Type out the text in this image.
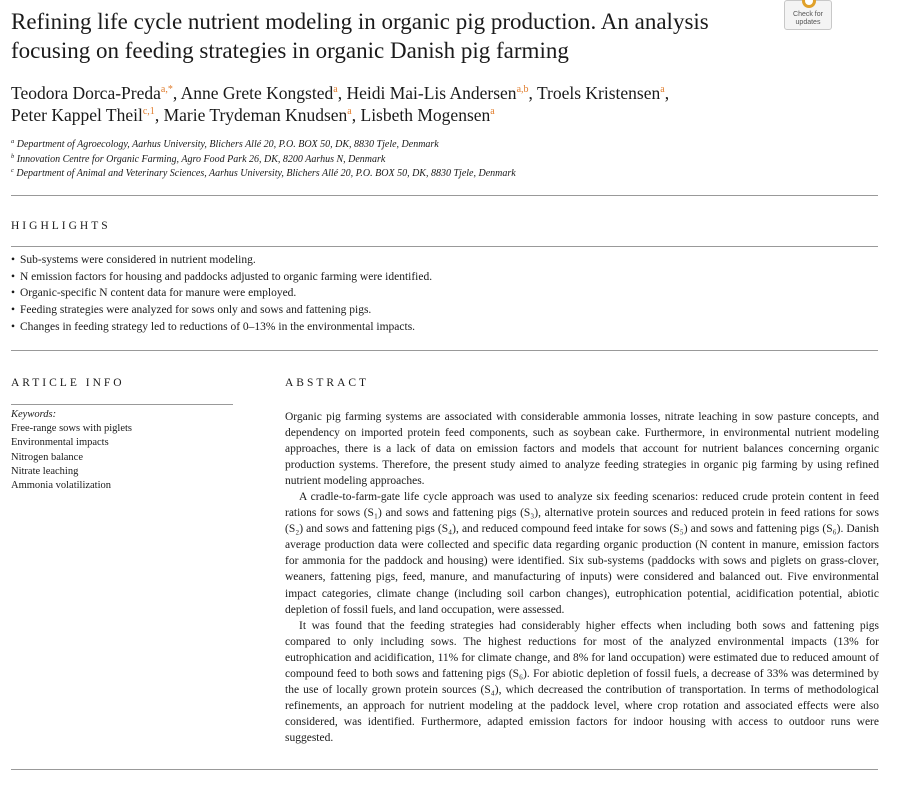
Refining life cycle nutrient modeling in organic pig production. An analysis focusing on feeding strategies in organic Danish pig farming
Check for
updates
Teodora Dorca-Preda$^{a,*}$, Anne Grete Kongsted$^a$, Heidi Mai-Lis Andersen$^{a,b}$, Troels Kristensen$^a$,
Peter Kappel Theil$^{c,1}$, Marie Trydeman Knudsen$^a$, Lisbeth Mogensen$^a$
$^a$ Department of Agroecology, Aarhus University, Blichers Allé 20, P.O. BOX 50, DK, 8830 Tjele, Denmark
$^b$ Innovation Centre for Organic Farming, Agro Food Park 26, DK, 8200 Aarhus N, Denmark
$^c$ Department of Animal and Veterinary Sciences, Aarhus University, Blichers Allé 20, P.O. BOX 50, DK, 8830 Tjele, Denmark
HIGHLIGHTS
• Sub-systems were considered in nutrient modeling.
• N emission factors for housing and paddocks adjusted to organic farming were identified.
• Organic-specific N content data for manure were employed.
• Feeding strategies were analyzed for sows only and sows and fattening pigs.
• Changes in feeding strategy led to reductions of 0–13% in the environmental impacts.
ARTICLE INFO
Keywords:
Free-range sows with piglets
Environmental impacts
Nitrogen balance
Nitrate leaching
Ammonia volatilization
ABSTRACT

Organic pig farming systems are associated with considerable ammonia losses, nitrate leaching in sow pasture concepts, and dependency on imported protein feed components, such as soybean cake. Furthermore, in environmental nutrient modeling approaches, there is a lack of data on emission factors and models that account for nutrient balances concerning organic production systems. Therefore, the present study aimed to analyze feeding strategies in organic pig farming by using refined nutrient modeling approaches.

A cradle-to-farm-gate life cycle approach was used to analyze six feeding scenarios: reduced crude protein content in feed rations for sows (S₁) and sows and fattening pigs (S₃), alternative protein sources and reduced protein in feed rations for sows (S₂) and sows and fattening pigs (S₄), and reduced compound feed intake for sows (S₅) and sows and fattening pigs (S₆). Danish average production data were collected and specific data regarding organic production (N content in manure, emission factors for ammonia for the paddock and housing) were identified. Six sub-systems (paddocks with sows and piglets on grass-clover, weaners, fattening pigs, feed, manure, and manufacturing of inputs) were considered and balanced out. Five environmental impact categories, climate change (including soil carbon changes), eutrophication potential, acidification potential, abiotic depletion of fossil fuels, and land occupation, were assessed.

It was found that the feeding strategies had considerably higher effects when including both sows and fattening pigs compared to only including sows. The highest reductions for most of the analyzed environmental impacts (13% for eutrophication and acidification, 11% for climate change, and 8% for land occupation) were estimated due to reduced amount of compound feed to both sows and fattening pigs (S₆). For abiotic depletion of fossil fuels, a decrease of 33% was determined by the use of locally grown protein sources (S₄), which decreased the contribution of transportation. In terms of methodological refinements, an approach for nutrient modeling at the paddock level, where crop rotation and associated effects were also considered, was identified. Furthermore, adapted emission factors for indoor housing with access to outdoor runs were suggested.
